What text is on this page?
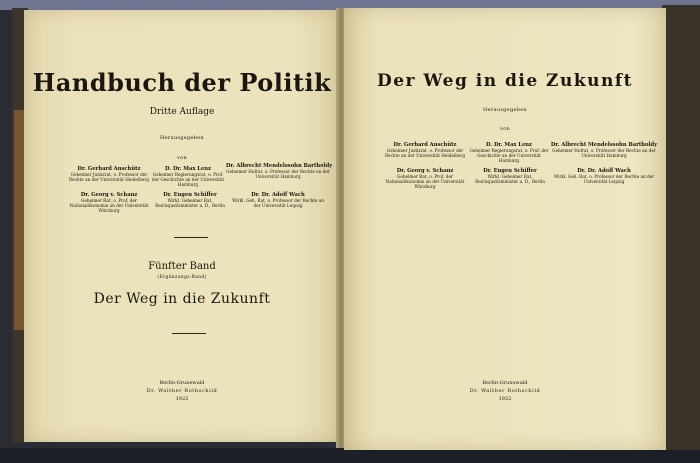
Handbuch der Politik
Dritte Auflage
Herausgegeben
von
Dr. Gerhard Anschütz
Geheimer Justizrat, o. Professor der Rechte an der Universität Heidelberg
D. Dr. Max Lenz
Geheimer Regierungsrat, o. Prof. der Geschichte an der Universität Hamburg
Dr. Albrecht Mendelssohn Bartholdy
Geheimer Hofrat, o. Professor der Rechte an der Universität Hamburg
Dr. Georg v. Schanz
Geheimer Rat, o. Prof. der Nationalökonomie an der Universität Würzburg
Dr. Eugen Schiffer
Wirkl. Geheimer Rat, Reichsjustizminister a. D., Berlin
Dr. Dr. Adolf Wach
Wirkl. Geh. Rat, o. Professor der Rechte an der Universität Leipzig
Fünfter Band
(Ergänzungs-Band)
Der Weg in die Zukunft
Berlin-Grunewald
Dr. Walther Rothschild
1922
Der Weg in die Zukunft
Herausgegeben
von
Dr. Gerhard Anschütz
Geheimer Justizrat, o. Professor der Rechte an der Universität Heidelberg
D. Dr. Max Lenz
Geheimer Regierungsrat, o. Prof. der Geschichte an der Universität Hamburg
Dr. Albrecht Mendelssohn Bartholdy
Geheimer Hofrat, o. Professor der Rechte an der Universität Hamburg
Dr. Georg v. Schanz
Geheimer Rat, o. Prof. der Nationalökonomie an der Universität Würzburg
Dr. Eugen Schiffer
Wirkl. Geheimer Rat, Reichsjustizminister a. D., Berlin
Dr. Dr. Adolf Wach
Wirkl. Geh. Rat, o. Professor der Rechte an der Universität Leipzig
Berlin-Grunewald
Dr. Walther Rothschild
1922
